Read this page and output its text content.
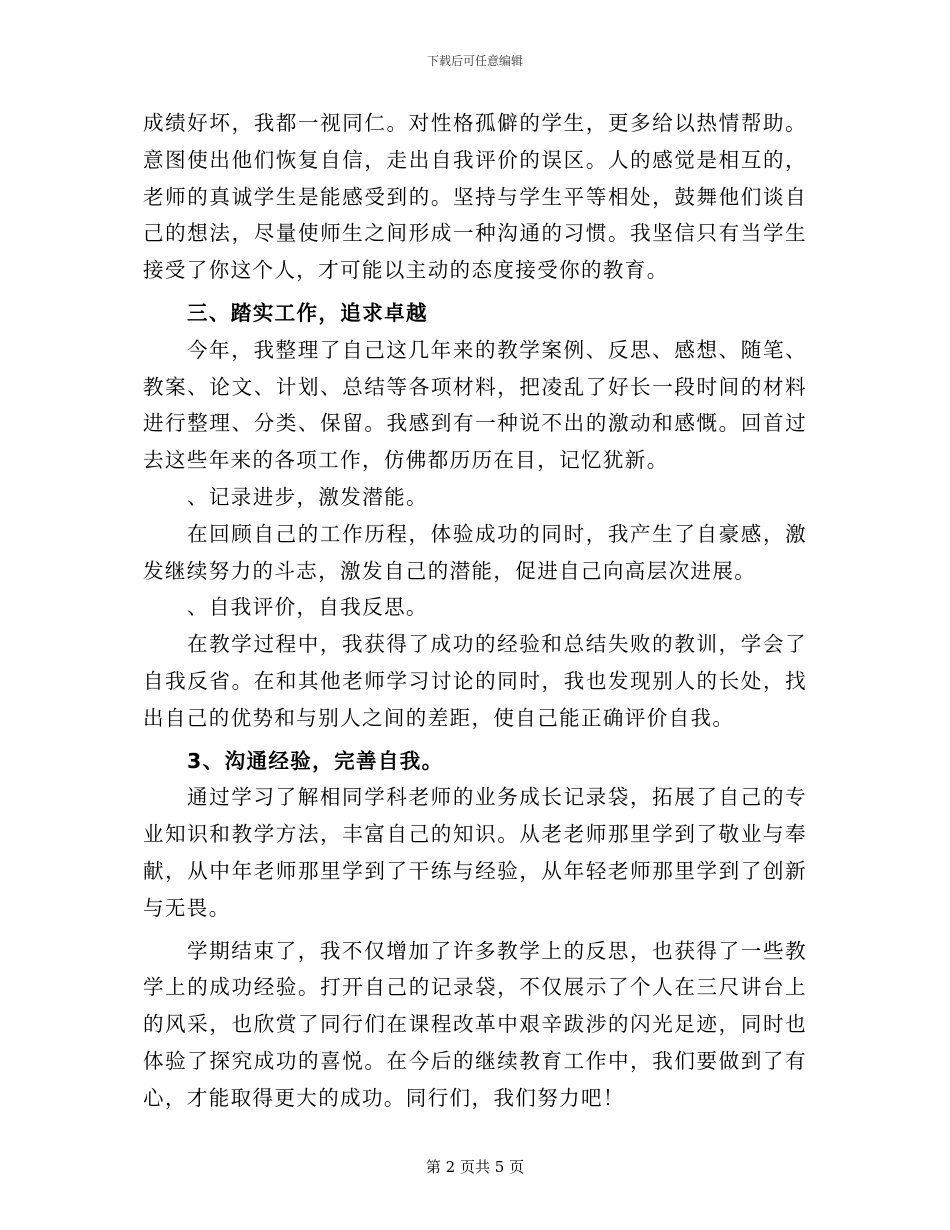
下载后可任意编辑

成绩好坏，我都一视同仁。对性格孤僻的学生，更多给以热情帮助。意图使出他们恢复自信，走出自我评价的误区。人的感觉是相互的，老师的真诚学生是能感受到的。坚持与学生平等相处，鼓舞他们谈自己的想法，尽量使师生之间形成一种沟通的习惯。我坚信只有当学生接受了你这个人，才可能以主动的态度接受你的教育。

三、踏实工作，追求卓越

今年，我整理了自己这几年来的教学案例、反思、感想、随笔、教案、论文、计划、总结等各项材料，把凌乱了好长一段时间的材料进行整理、分类、保留。我感到有一种说不出的激动和感慨。回首过去这些年来的各项工作，仿佛都历历在目，记忆犹新。

、记录进步，激发潜能。

在回顾自己的工作历程，体验成功的同时，我产生了自豪感，激发继续努力的斗志，激发自己的潜能，促进自己向高层次进展。

、自我评价，自我反思。

在教学过程中，我获得了成功的经验和总结失败的教训，学会了自我反省。在和其他老师学习讨论的同时，我也发现别人的长处，找出自己的优势和与别人之间的差距，使自己能正确评价自我。

3、沟通经验，完善自我。

通过学习了解相同学科老师的业务成长记录袋，拓展了自己的专业知识和教学方法，丰富自己的知识。从老老师那里学到了敬业与奉献，从中年老师那里学到了干练与经验，从年轻老师那里学到了创新与无畏。

学期结束了，我不仅增加了许多教学上的反思，也获得了一些教学上的成功经验。打开自己的记录袋，不仅展示了个人在三尺讲台上的风采，也欣赏了同行们在课程改革中艰辛跋涉的闪光足迹，同时也体验了探究成功的喜悦。在今后的继续教育工作中，我们要做到了有心，才能取得更大的成功。同行们，我们努力吧！

第 2 页共 5 页
